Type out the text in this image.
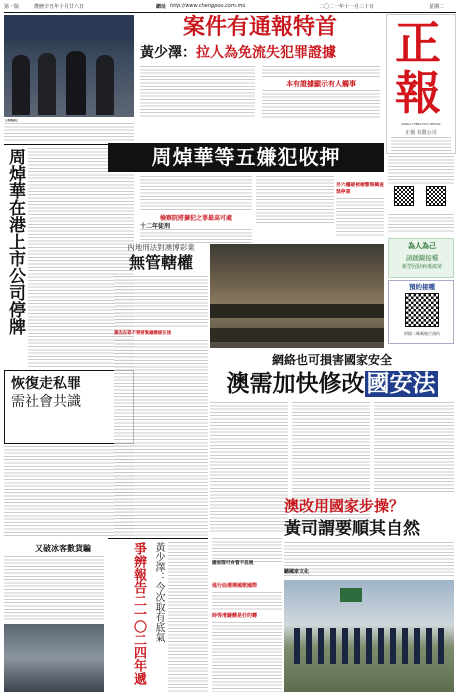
第一版	農曆辛丑年十月廿六日	網址 http://www.chengpou.com.mo	二〇二一年十一月三十日	星期二
案件有通報特首
黃少澤：拉人為免流失犯罪證據
本有證據顯示有人觸事
【本報訊】
正
報
JORNAL CHENG POU LIMITADA
正報 有限公司
周焯華在港上市公司停牌
恢復走私罪
需社會共識
周焯華等五嫌犯收押
另六檯疑被檢警察關查禁停業
檢察院將擴犯之罪最高可處
十二年徒刑
內地刑法對澳博彩業
無管轄權
葉杰在罪不要將緊繃嫌疑在後
為人為己
請踴躍接種
新型冠狀病毒疫苗
預約接種
掃描二維碼進行預約
網絡也可損害國家安全
澳需加快修改國安法
澳改用國家步操？
黃司謂要順其自然
聽國家文化
進行曲選擇國歌國際
時等滑鏈體是好的轉
國家隊可有管不忽視
爭辨報告二一〇二四年遞 黃少澤：今次取有底氣
又破冰客數貨騙
